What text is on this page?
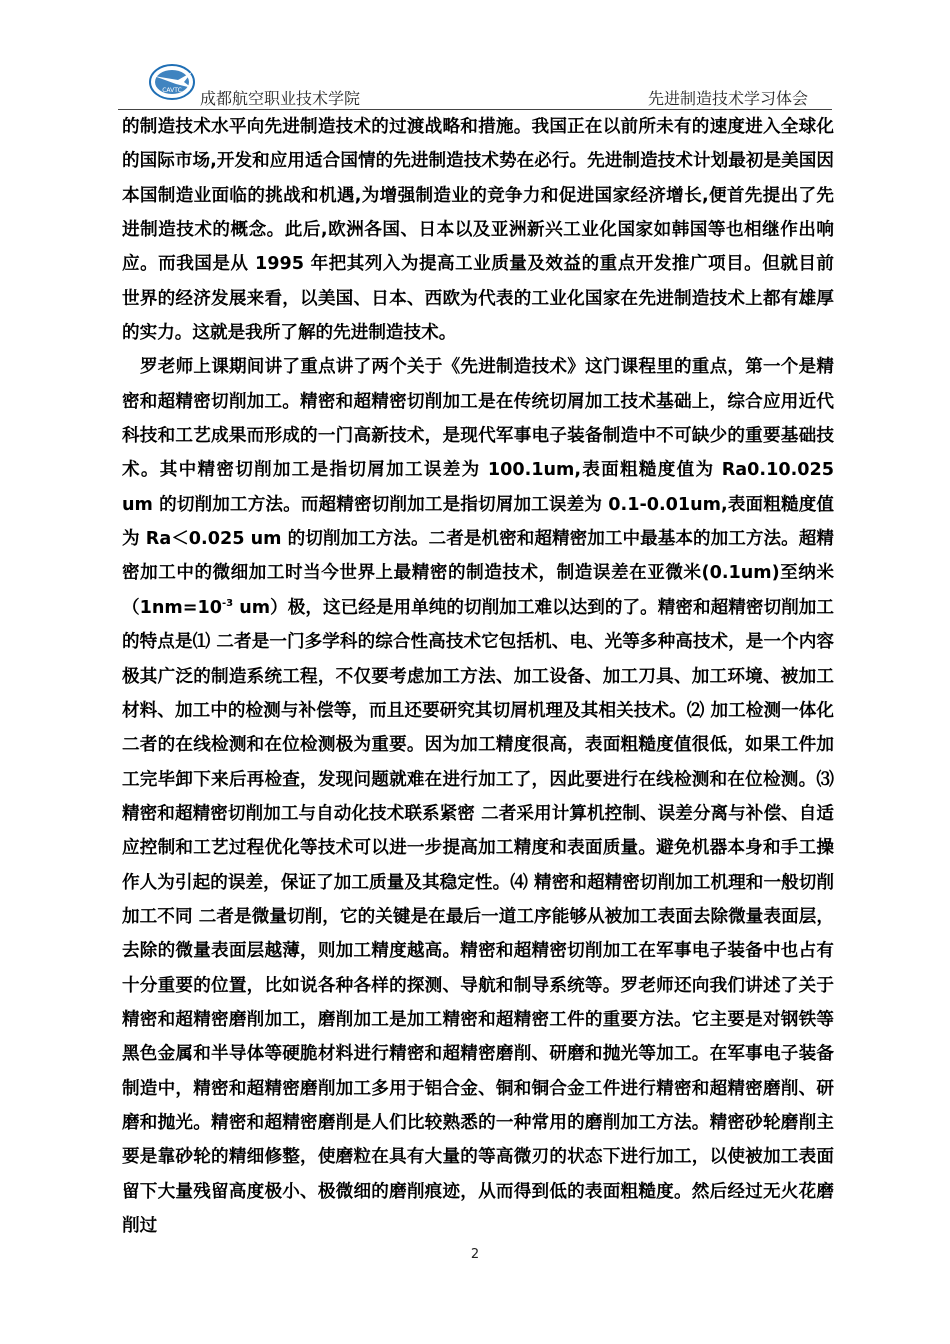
CAVTC 成都航空职业技术学院	先进制造技术学习体会

的制造技术水平向先进制造技术的过渡战略和措施。我国正在以前所未有的速度进入全球化的国际市场,开发和应用适合国情的先进制造技术势在必行。先进制造技术计划最初是美国因本国制造业面临的挑战和机遇,为增强制造业的竞争力和促进国家经济增长,便首先提出了先进制造技术的概念。此后,欧洲各国、日本以及亚洲新兴工业化国家如韩国等也相继作出响应。而我国是从 1995 年把其列入为提高工业质量及效益的重点开发推广项目。但就目前世界的经济发展来看，以美国、日本、西欧为代表的工业化国家在先进制造技术上都有雄厚的实力。这就是我所了解的先进制造技术。

罗老师上课期间讲了重点讲了两个关于《先进制造技术》这门课程里的重点，第一个是精密和超精密切削加工。精密和超精密切削加工是在传统切屑加工技术基础上，综合应用近代科技和工艺成果而形成的一门高新技术，是现代军事电子装备制造中不可缺少的重要基础技术。其中精密切削加工是指切屑加工误差为 100.1um,表面粗糙度值为 Ra0.10.025 um 的切削加工方法。而超精密切削加工是指切屑加工误差为 0.1-0.01um,表面粗糙度值为 Ra＜0.025 um 的切削加工方法。二者是机密和超精密加工中最基本的加工方法。超精密加工中的微细加工时当今世界上最精密的制造技术，制造误差在亚微米(0.1um)至纳米（$1nm=10^{-3}$ um）极，这已经是用单纯的切削加工难以达到的了。精密和超精密切削加工的特点是⑴ 二者是一门多学科的综合性高技术它包括机、电、光等多种高技术，是一个内容极其广泛的制造系统工程，不仅要考虑加工方法、加工设备、加工刀具、加工环境、被加工材料、加工中的检测与补偿等，而且还要研究其切屑机理及其相关技术。⑵ 加工检测一体化 二者的在线检测和在位检测极为重要。因为加工精度很高，表面粗糙度值很低，如果工件加工完毕卸下来后再检查，发现问题就难在进行加工了，因此要进行在线检测和在位检测。⑶ 精密和超精密切削加工与自动化技术联系紧密 二者采用计算机控制、误差分离与补偿、自适应控制和工艺过程优化等技术可以进一步提高加工精度和表面质量。避免机器本身和手工操作人为引起的误差，保证了加工质量及其稳定性。⑷ 精密和超精密切削加工机理和一般切削加工不同 二者是微量切削，它的关键是在最后一道工序能够从被加工表面去除微量表面层，去除的微量表面层越薄，则加工精度越高。精密和超精密切削加工在军事电子装备中也占有十分重要的位置，比如说各种各样的探测、导航和制导系统等。罗老师还向我们讲述了关于精密和超精密磨削加工，磨削加工是加工精密和超精密工件的重要方法。它主要是对钢铁等黑色金属和半导体等硬脆材料进行精密和超精密磨削、研磨和抛光等加工。在军事电子装备制造中，精密和超精密磨削加工多用于铝合金、铜和铜合金工件进行精密和超精密磨削、研磨和抛光。精密和超精密磨削是人们比较熟悉的一种常用的磨削加工方法。精密砂轮磨削主要是靠砂轮的精细修整，使磨粒在具有大量的等高微刃的状态下进行加工，以使被加工表面留下大量残留高度极小、极微细的磨削痕迹，从而得到低的表面粗糙度。然后经过无火花磨削过

2
